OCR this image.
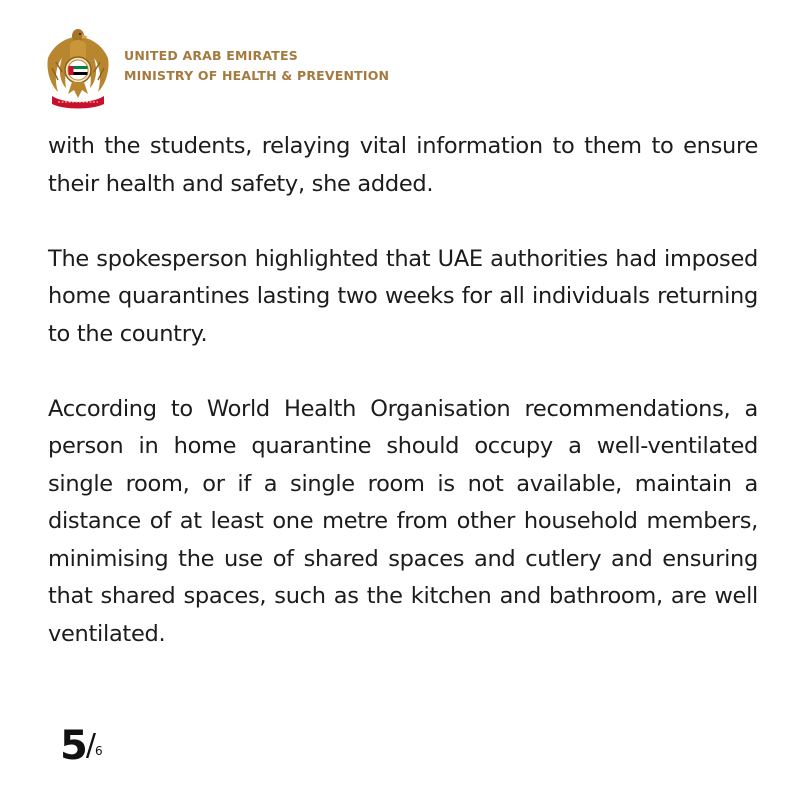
UNITED ARAB EMIRATES
MINISTRY OF HEALTH & PREVENTION

with the students, relaying vital information to them to ensure their health and safety, she added.

The spokesperson highlighted that UAE authorities had imposed home quarantines lasting two weeks for all individuals returning to the country.

According to World Health Organisation recommendations, a person in home quarantine should occupy a well-ventilated single room, or if a single room is not available, maintain a distance of at least one metre from other household members, minimising the use of shared spaces and cutlery and ensuring that shared spaces, such as the kitchen and bathroom, are well ventilated.

$5/_6$
